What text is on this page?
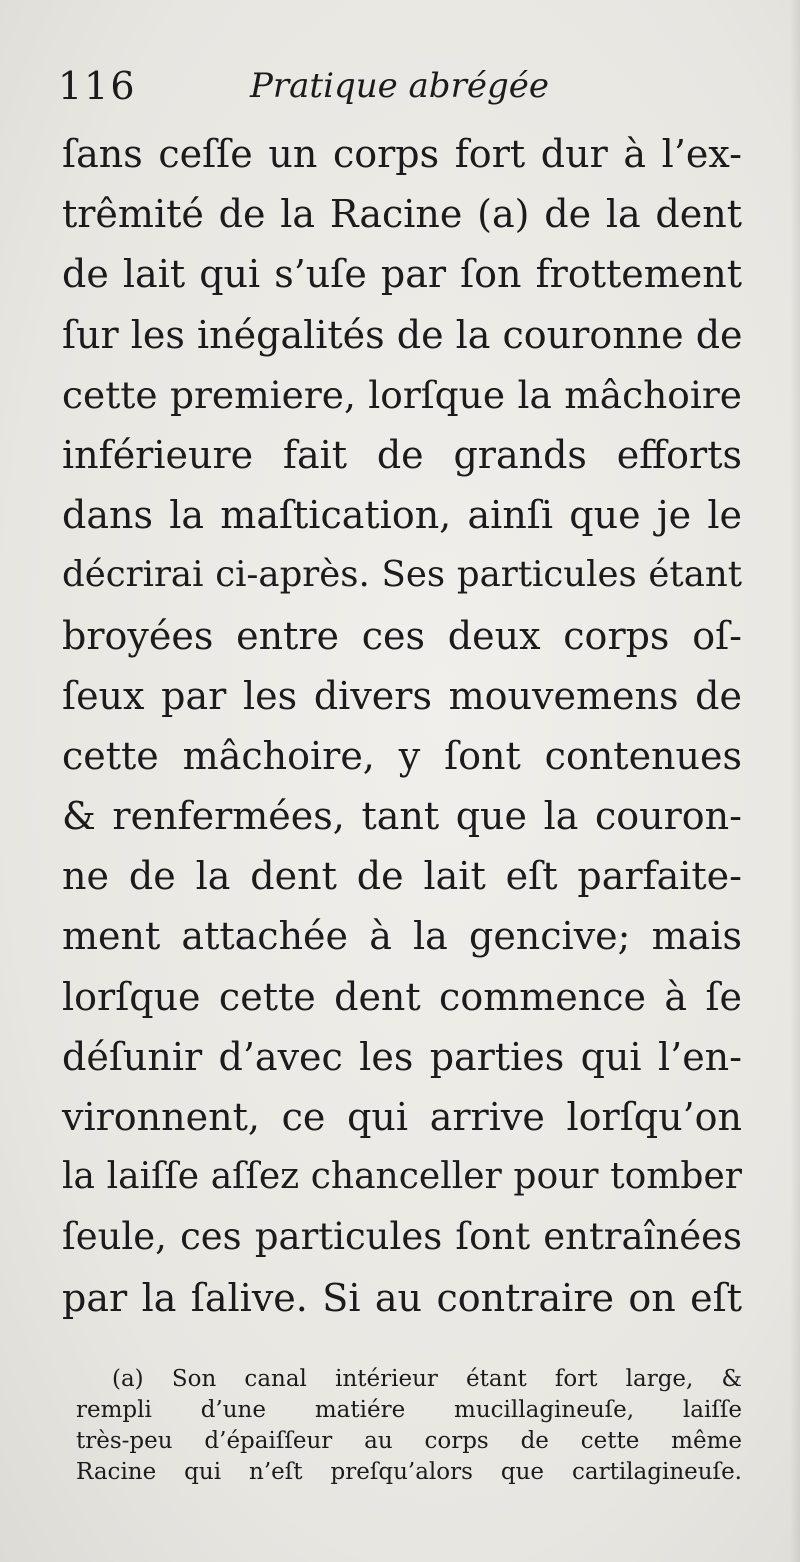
116	Pratique abrégée
ſans ceſſe un corps fort dur à l’ex-
trêmité de la Racine (a) de la dent
de lait qui s’uſe par ſon frottement
ſur les inégalités de la couronne de
cette premiere, lorſque la mâchoire
inférieure fait de grands efforts
dans la maſtication, ainſi que je le
décrirai ci-après. Ses particules étant
broyées entre ces deux corps oſ-
ſeux par les divers mouvemens de
cette mâchoire, y ſont contenues
& renfermées, tant que la couron-
ne de la dent de lait eſt parfaite-
ment attachée à la gencive; mais
lorſque cette dent commence à ſe
déſunir d’avec les parties qui l’en-
vironnent, ce qui arrive lorſqu’on
la laiſſe aſſez chanceller pour tomber
ſeule, ces particules ſont entraînées
par la ſalive. Si au contraire on eſt
(a) Son canal intérieur étant fort large, &
rempli d’une matiére mucillagineuſe, laiſſe
très-peu d’épaiſſeur au corps de cette même
Racine qui n’eſt preſqu’alors que cartilagineuſe.
